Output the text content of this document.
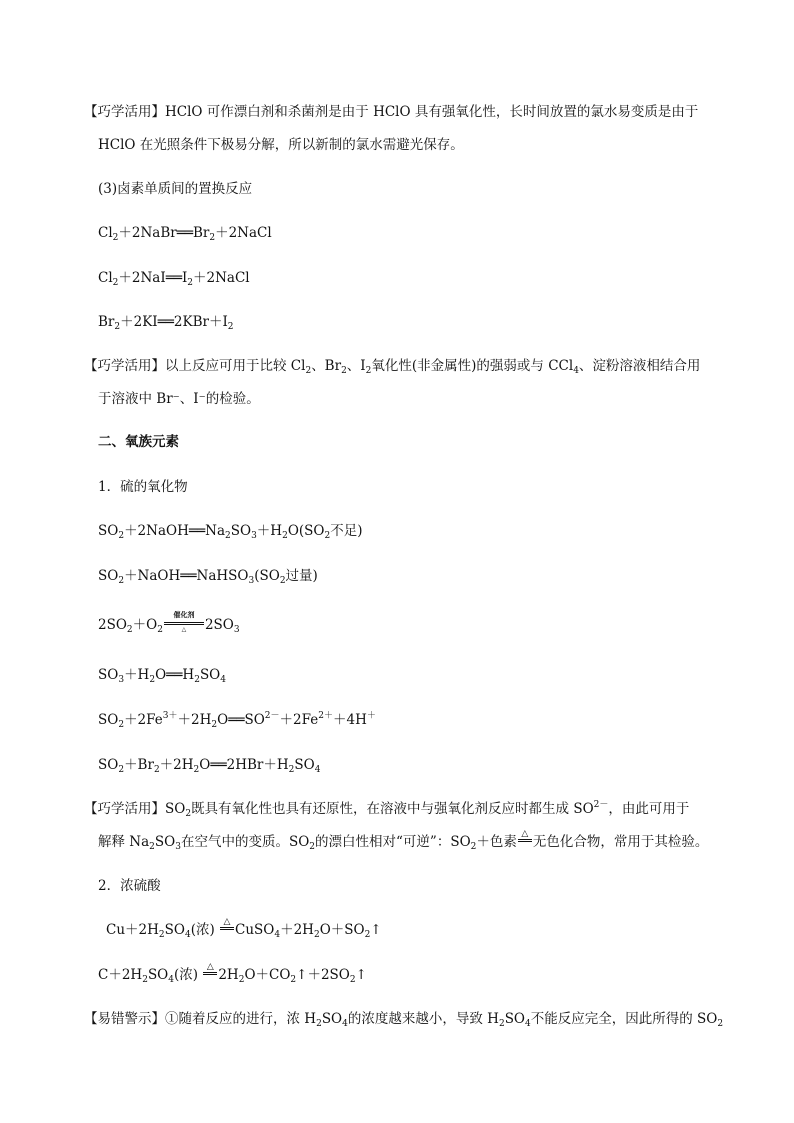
【巧学活用】HClO 可作漂白剂和杀菌剂是由于 HClO 具有强氧化性，长时间放置的氯水易变质是由于
HClO 在光照条件下极易分解，所以新制的氯水需避光保存。
(3)卤素单质间的置换反应
$Cl_2+2NaBr══Br_2+2NaCl$
$Cl_2+2NaI══I_2+2NaCl$
$Br_2+2KI══2KBr+I_2$
【巧学活用】以上反应可用于比较 $Cl_2$、$Br_2$、$I_2$氧化性(非金属性)的强弱或与 CCl$_4$、淀粉溶液相结合用
于溶液中 Br⁻、I⁻的检验。
二、氧族元素
1．硫的氧化物
$SO_2+2NaOH══Na_2SO_3+H_2O(SO_2$不足)
$SO_2+NaOH══NaHSO_3(SO_2$过量)
$2SO_2+O_2$
催化剂
△	$2SO_3$
$SO_3+H_2O══H_2SO_4$
$SO_2+2Fe^{3+}+2H_2O══SO^{2-}+2Fe^{2+}+4H^+$
$SO_2+Br_2+2H_2O══2HBr+H_2SO_4$
【巧学活用】$SO_2$既具有氧化性也具有还原性，在溶液中与强氧化剂反应时都生成 $SO^{2-}$，由此可用于
解释 $Na_2SO_3$在空气中的变质。$SO_2$的漂白性相对“可逆”：$SO_2+$色素 △ 无色化合物，常用于其检验。
2．浓硫酸
$Cu+2H_2SO_4$(浓) △ $CuSO_4+2H_2O+SO_2↑$
$C+2H_2SO_4$(浓) △ $2H_2O+CO_2↑+2SO_2↑$
【易错警示】①随着反应的进行，浓 $H_2SO_4$的浓度越来越小，导致 $H_2SO_4$不能反应完全，因此所得的 $SO_2$
